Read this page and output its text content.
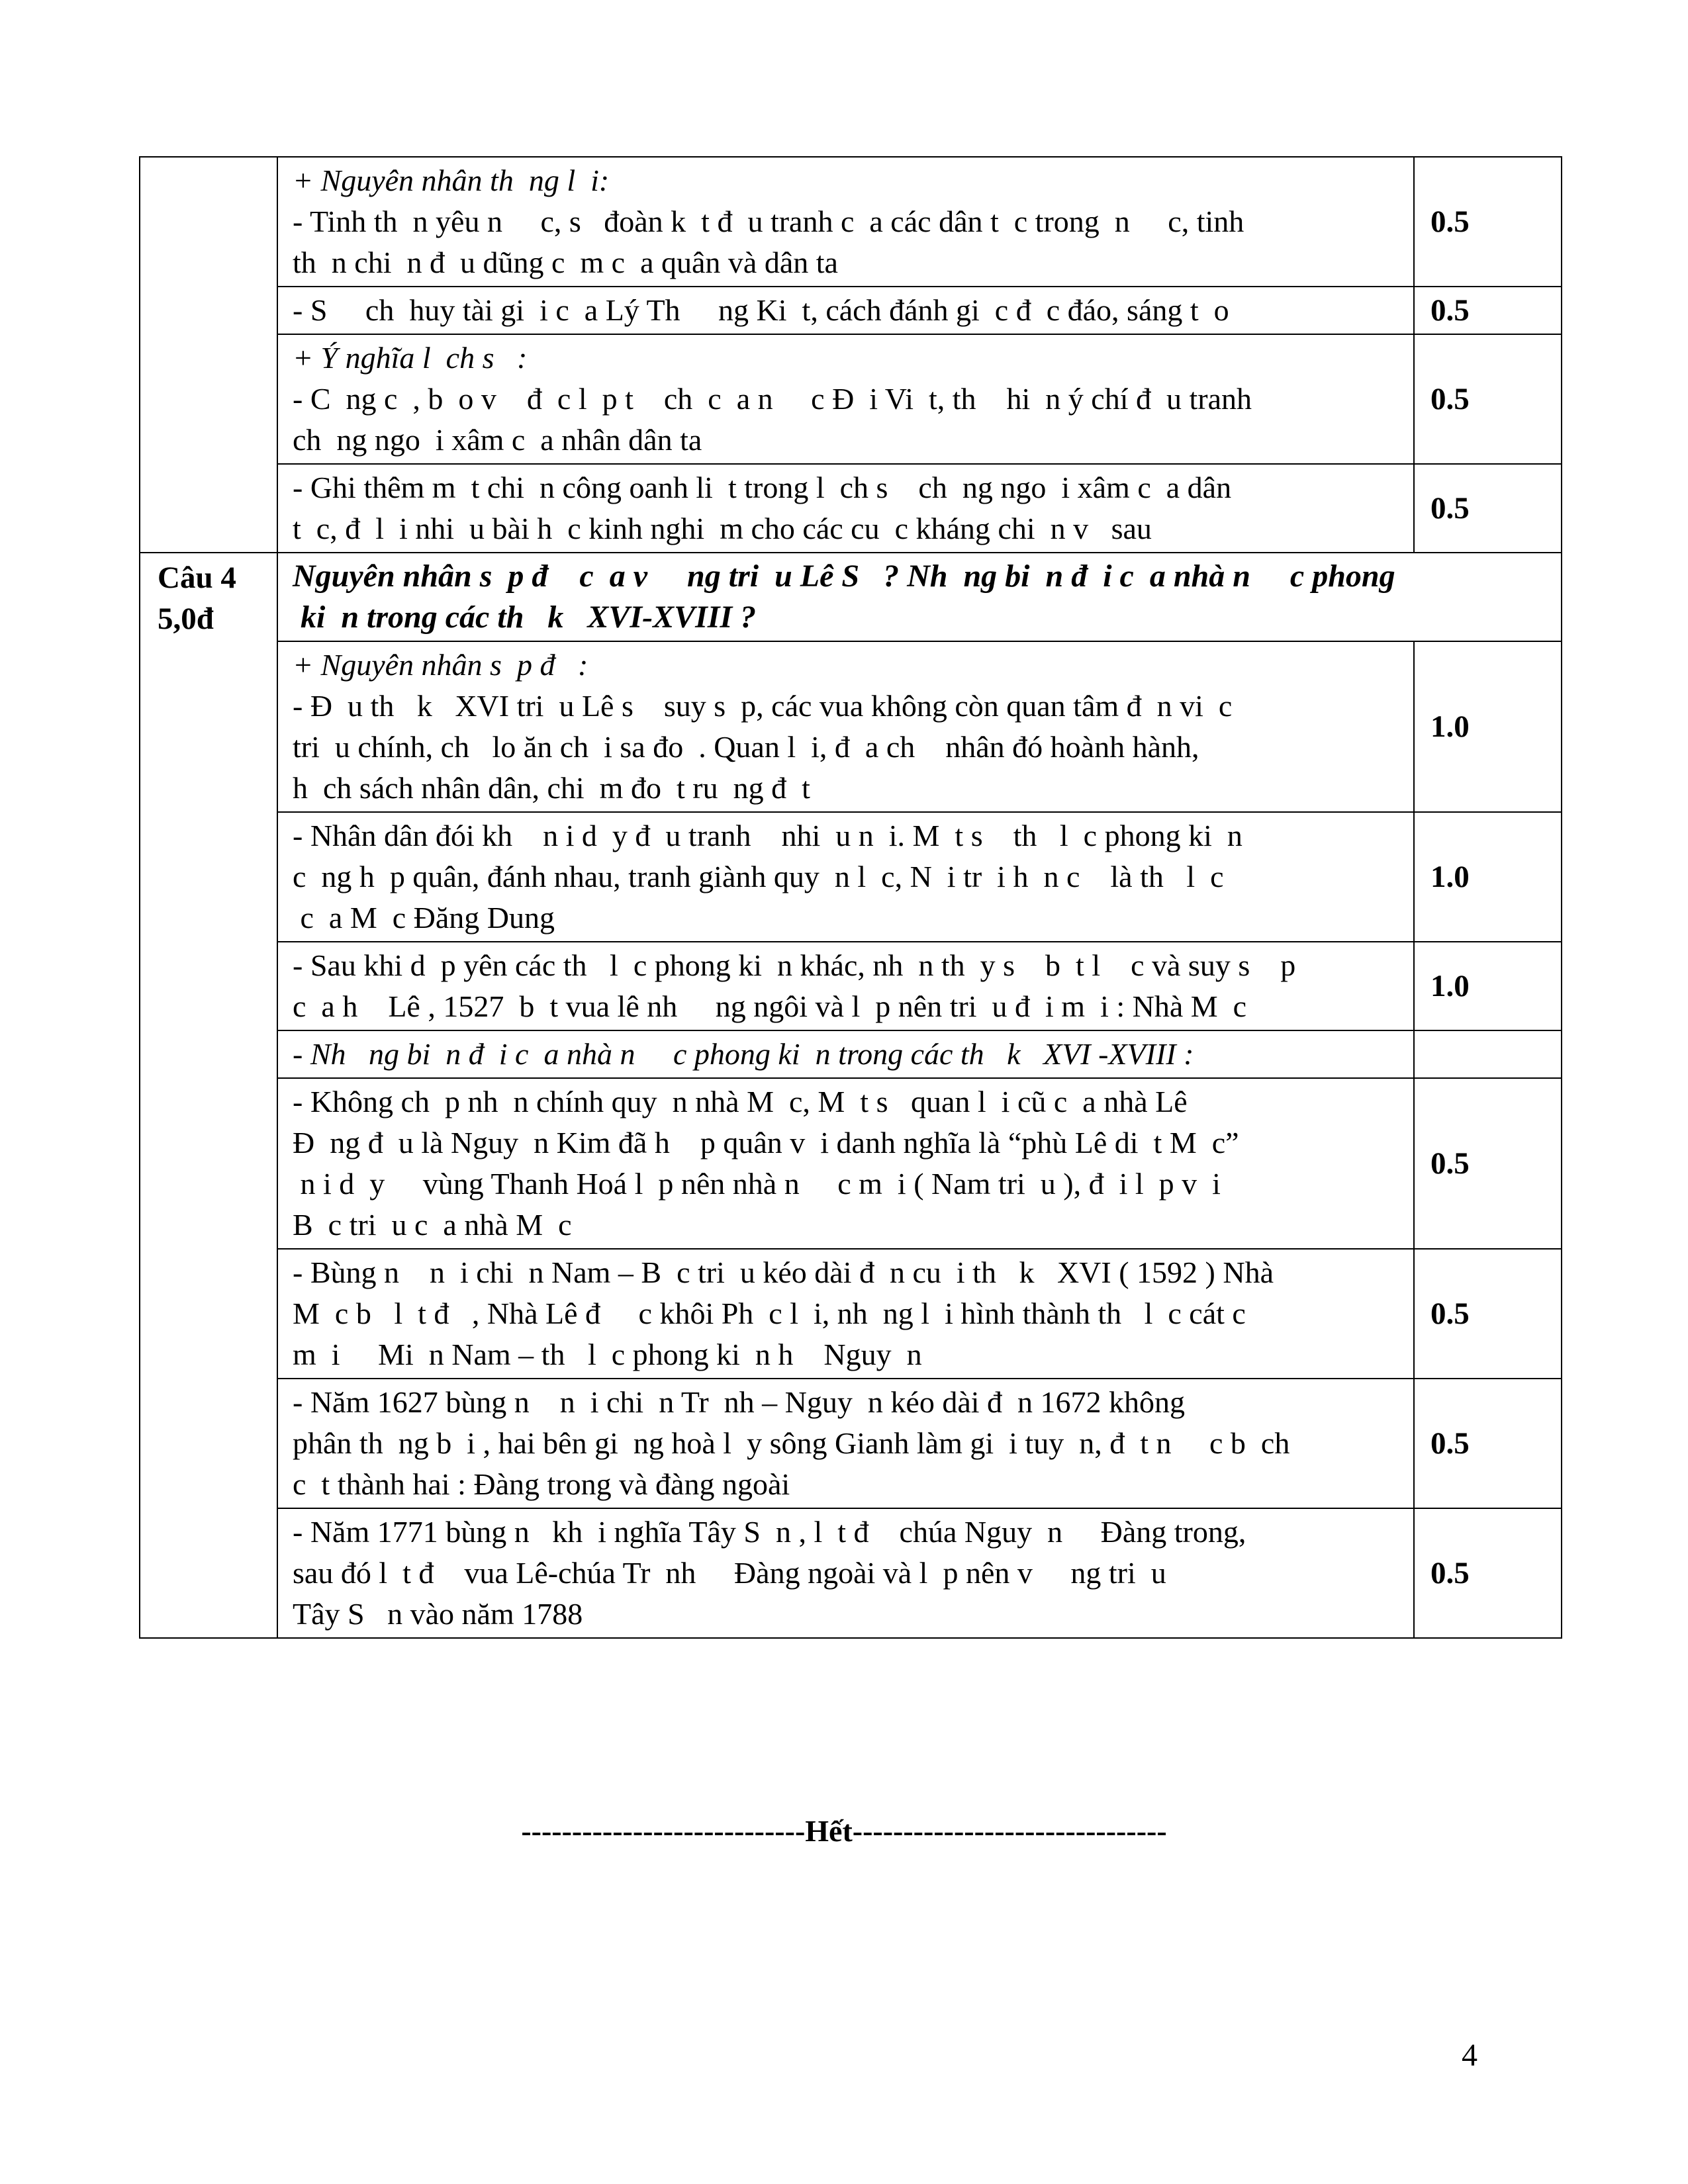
	+ Nguyên nhân th  ng l  i:
- Tinh th  n yêu n     c, s   đoàn k  t đ  u tranh c  a các dân t  c trong  n     c, tinh
th  n chi  n đ  u dũng c  m c  a quân và dân ta	0.5

	- S     ch  huy tài gi  i c  a Lý Th     ng Ki  t, cách đánh gi  c đ  c đáo, sáng t  o	0.5

	+ Ý nghĩa l  ch s   :
- C  ng c  , b  o v    đ  c l  p t    ch  c  a n     c Đ  i Vi  t, th    hi  n ý chí đ  u tranh
ch  ng ngo  i xâm c  a nhân dân ta	0.5

	- Ghi thêm m  t chi  n công oanh li  t trong l  ch s    ch  ng ngo  i xâm c  a dân
t  c, đ  l  i nhi  u bài h  c kinh nghi  m cho các cu  c kháng chi  n v   sau	0.5

Câu 4
5,0đ	Nguyên nhân s  p đ    c  a v     ng tri  u Lê S   ? Nh  ng bi  n đ  i c  a nhà n     c phong
ki  n trong các th   k   XVI-XVIII ?	

	+ Nguyên nhân s  p đ   :
- Đ  u th   k   XVI tri  u Lê s    suy s  p, các vua không còn quan tâm đ  n vi  c
tri  u chính, ch   lo ăn ch  i sa đo  . Quan l  i, đ  a ch    nhân đó hoành hành,
h  ch sách nhân dân, chi  m đo  t ru  ng đ  t	1.0

	- Nhân dân đói kh    n i d  y đ  u tranh    nhi  u n  i. M  t s    th   l  c phong ki  n
c  ng h  p quân, đánh nhau, tranh giành quy  n l  c, N  i tr  i h  n c    là th   l  c
c  a M  c Đăng Dung	1.0

	- Sau khi d  p yên các th   l  c phong ki  n khác, nh  n th  y s    b  t l    c và suy s    p
c  a h    Lê , 1527  b  t vua lê nh     ng ngôi và l  p nên tri  u đ  i m  i : Nhà M  c	1.0

	- Nh   ng bi  n đ  i c  a nhà n     c phong ki  n trong các th   k   XVI -XVIII :	

	- Không ch  p nh  n chính quy  n nhà M  c, M  t s   quan l  i cũ c  a nhà Lê
Đ  ng đ  u là Nguy  n Kim đã h    p quân v  i danh nghĩa là “phù Lê di  t M  c”
n i d  y     vùng Thanh Hoá l  p nên nhà n     c m  i ( Nam tri  u ), đ  i l  p v  i
B  c tri  u c  a nhà M  c	0.5

	- Bùng n    n  i chi  n Nam – B  c tri  u kéo dài đ  n cu  i th   k   XVI ( 1592 ) Nhà
M  c b   l  t đ   , Nhà Lê đ     c khôi Ph  c l  i, nh  ng l  i hình thành th   l  c cát c
m  i     Mi  n Nam – th   l  c phong ki  n h    Nguy  n	0.5

	- Năm 1627 bùng n    n  i chi  n Tr  nh – Nguy  n kéo dài đ  n 1672 không
phân th  ng b  i , hai bên gi  ng hoà l  y sông Gianh làm gi  i tuy  n, đ  t n     c b  ch
c  t thành hai : Đàng trong và đàng ngoài	0.5

	- Năm 1771 bùng n   kh  i nghĩa Tây S  n , l  t đ    chúa Nguy  n     Đàng trong,
sau đó l  t đ    vua Lê-chúa Tr  nh     Đàng ngoài và l  p nên v     ng tri  u
Tây S   n vào năm 1788	0.5
----------------------------Hết-------------------------------
4
